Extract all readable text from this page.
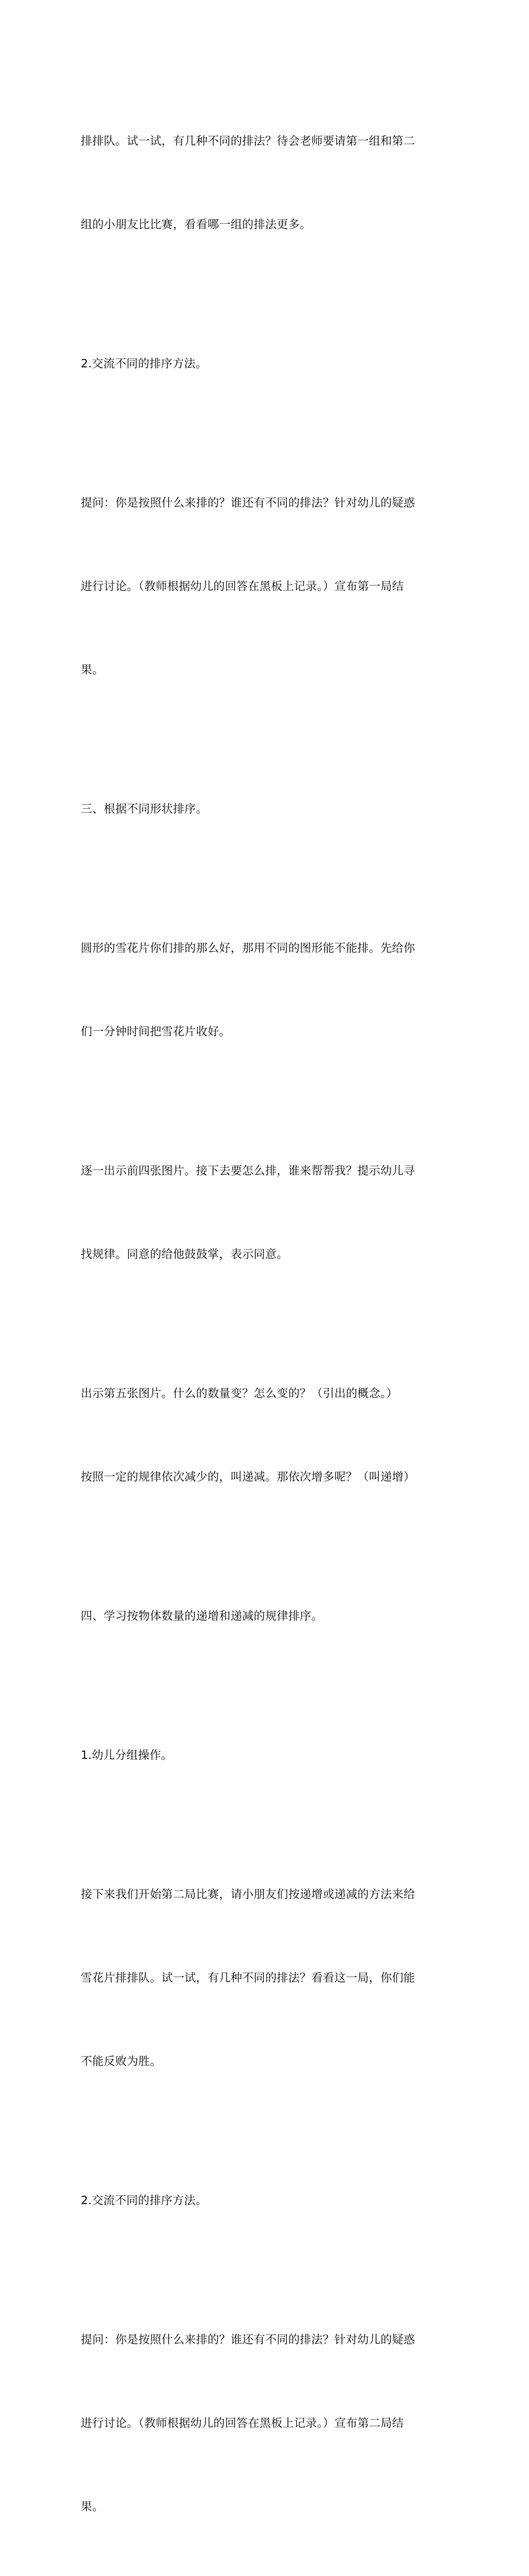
排排队。试一试，有几种不同的排法？待会老师要请第一组和第二

组的小朋友比比赛，看看哪一组的排法更多。

2.交流不同的排序方法。

提问：你是按照什么来排的？谁还有不同的排法？针对幼儿的疑惑

进行讨论。（教师根据幼儿的回答在黑板上记录。）宣布第一局结

果。

三、根据不同形状排序。

圆形的雪花片你们排的那么好，那用不同的图形能不能排。先给你

们一分钟时间把雪花片收好。

逐一出示前四张图片。接下去要怎么排，谁来帮帮我？提示幼儿寻

找规律。同意的给他鼓鼓掌，表示同意。

出示第五张图片。什么的数量变？怎么变的？（引出的概念。）

按照一定的规律依次减少的，叫递减。那依次增多呢？（叫递增）

四、学习按物体数量的递增和递减的规律排序。

1.幼儿分组操作。

接下来我们开始第二局比赛，请小朋友们按递增或递减的方法来给

雪花片排排队。试一试，有几种不同的排法？看看这一局，你们能

不能反败为胜。

2.交流不同的排序方法。

提问：你是按照什么来排的？谁还有不同的排法？针对幼儿的疑惑

进行讨论。（教师根据幼儿的回答在黑板上记录。）宣布第二局结

果。
